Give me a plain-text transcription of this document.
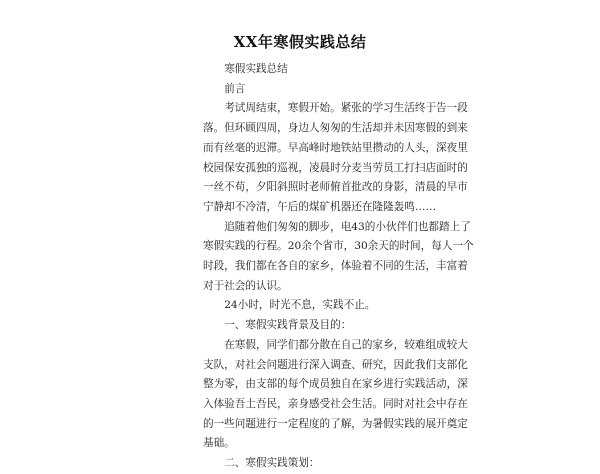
XX年寒假实践总结

寒假实践总结

前言

考试周结束，寒假开始。紧张的学习生活终于告一段
落。但环顾四周，身边人匆匆的生活却并未因寒假的到来
而有丝毫的迟滞。早高峰时地铁站里攒动的人头，深夜里
校园保安孤独的巡视，凌晨时分麦当劳员工打扫店面时的
一丝不苟，夕阳斜照时老师俯首批改的身影，清晨的早市
宁静却不冷清，午后的煤矿机器还在隆隆轰鸣……

追随着他们匆匆的脚步，电43的小伙伴们也都踏上了
寒假实践的行程。20余个省市，30余天的时间，每人一个
时段，我们都在各自的家乡，体验着不同的生活，丰富着
对于社会的认识。

24小时，时光不息，实践不止。

一、寒假实践背景及目的：

在寒假，同学们都分散在自己的家乡，较难组成较大
支队，对社会问题进行深入调查、研究，因此我们支部化
整为零，由支部的每个成员独自在家乡进行实践活动，深
入体验吾土吾民，亲身感受社会生活。同时对社会中存在
的一些问题进行一定程度的了解，为暑假实践的展开奠定
基础。

二、寒假实践策划：
